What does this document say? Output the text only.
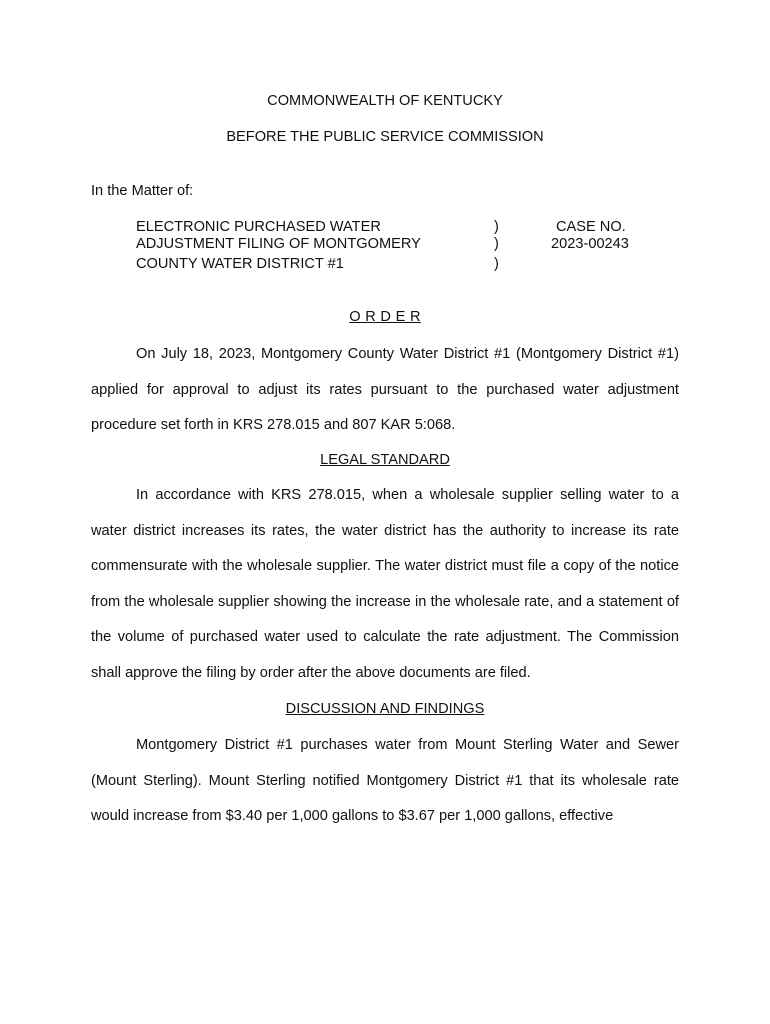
COMMONWEALTH OF KENTUCKY
BEFORE THE PUBLIC SERVICE COMMISSION
In the Matter of:
ELECTRONIC PURCHASED WATER
ADJUSTMENT FILING OF MONTGOMERY
COUNTY WATER DISTRICT #1
)
)
)
CASE NO.
2023-00243
O R D E R
On July 18, 2023, Montgomery County Water District #1 (Montgomery District #1) applied for approval to adjust its rates pursuant to the purchased water adjustment procedure set forth in KRS 278.015 and 807 KAR 5:068.
LEGAL STANDARD
In accordance with KRS 278.015, when a wholesale supplier selling water to a water district increases its rates, the water district has the authority to increase its rate commensurate with the wholesale supplier. The water district must file a copy of the notice from the wholesale supplier showing the increase in the wholesale rate, and a statement of the volume of purchased water used to calculate the rate adjustment. The Commission shall approve the filing by order after the above documents are filed.
DISCUSSION AND FINDINGS
Montgomery District #1 purchases water from Mount Sterling Water and Sewer (Mount Sterling). Mount Sterling notified Montgomery District #1 that its wholesale rate would increase from $3.40 per 1,000 gallons to $3.67 per 1,000 gallons, effective
